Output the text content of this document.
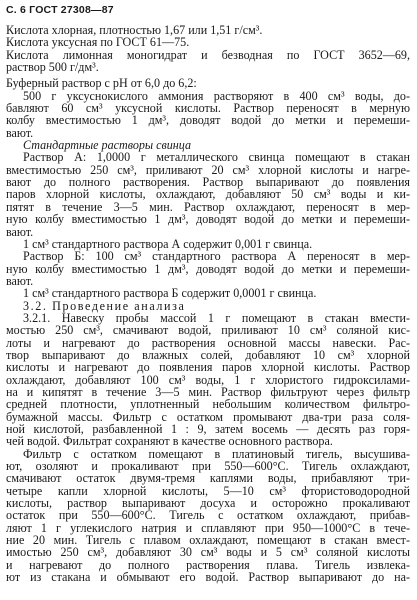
С. 6 ГОСТ 27308—87
Кислота хлорная, плотностью 1,67 или 1,51 г/см³.
Кислота уксусная по ГОСТ 61—75.
Кислота лимонная моногидрат и безводная по ГОСТ 3652—69,
раствор 500 г/дм³.
Буферный раствор с pH от 6,0 до 6,2:
500 г уксуснокислого аммония растворяют в 400 см³ воды, до-
бавляют 60 см³ уксусной кислоты. Раствор переносят в мерную
колбу вместимостью 1 дм³, доводят водой до метки и перемеши-
вают.
Стандартные растворы свинца
Раствор А: 1,0000 г металлического свинца помещают в стакан
вместимостью 250 см³, приливают 20 см³ хлорной кислоты и нагре-
вают до полного растворения. Раствор выпаривают до появления
паров хлорной кислоты, охлаждают, добавляют 50 см³ воды и ки-
пятят в течение 3—5 мин. Раствор охлаждают, переносят в мер-
ную колбу вместимостью 1 дм³, доводят водой до метки и перемеши-
вают.
1 см³ стандартного раствора А содержит 0,001 г свинца.
Раствор Б: 100 см³ стандартного раствора А переносят в мер-
ную колбу вместимостью 1 дм³, доводят водой до метки и перемеши-
вают.
1 см³ стандартного раствора Б содержит 0,0001 г свинца.
3.2. Проведение анализа
3.2.1. Навеску пробы массой 1 г помещают в стакан вмести-
мостью 250 см³, смачивают водой, приливают 10 см³ соляной кис-
лоты и нагревают до растворения основной массы навески. Рас-
твор выпаривают до влажных солей, добавляют 10 см³ хлорной
кислоты и нагревают до появления паров хлорной кислоты. Раствор
охлаждают, добавляют 100 см³ воды, 1 г хлористого гидроксилами-
на и кипятят в течение 3—5 мин. Раствор фильтруют через фильтр
средней плотности, уплотненный небольшим количеством фильтро-
бумажной массы. Фильтр с остатком промывают два-три раза соля-
ной кислотой, разбавленной 1 : 9, затем восемь — десять раз горя-
чей водой. Фильтрат сохраняют в качестве основного раствора.
Фильтр с остатком помещают в платиновый тигель, высушива-
ют, озоляют и прокаливают при 550—600°С. Тигель охлаждают,
смачивают остаток двумя-тремя каплями воды, прибавляют три-
четыре капли хлорной кислоты, 5—10 см³ фтористоводородной
кислоты, раствор выпаривают досуха и осторожно прокаливают
остаток при 550—600°С. Тигель с остатком охлаждают, прибав-
ляют 1 г углекислого натрия и сплавляют при 950—1000°С в тече-
ние 20 мин. Тигель с плавом охлаждают, помещают в стакан вмест-
имостью 250 см³, добавляют 30 см³ воды и 5 см³ соляной кислоты
и нагревают до полного растворения плава. Тигель извлека-
ют из стакана и обмывают его водой. Раствор выпаривают до на-
